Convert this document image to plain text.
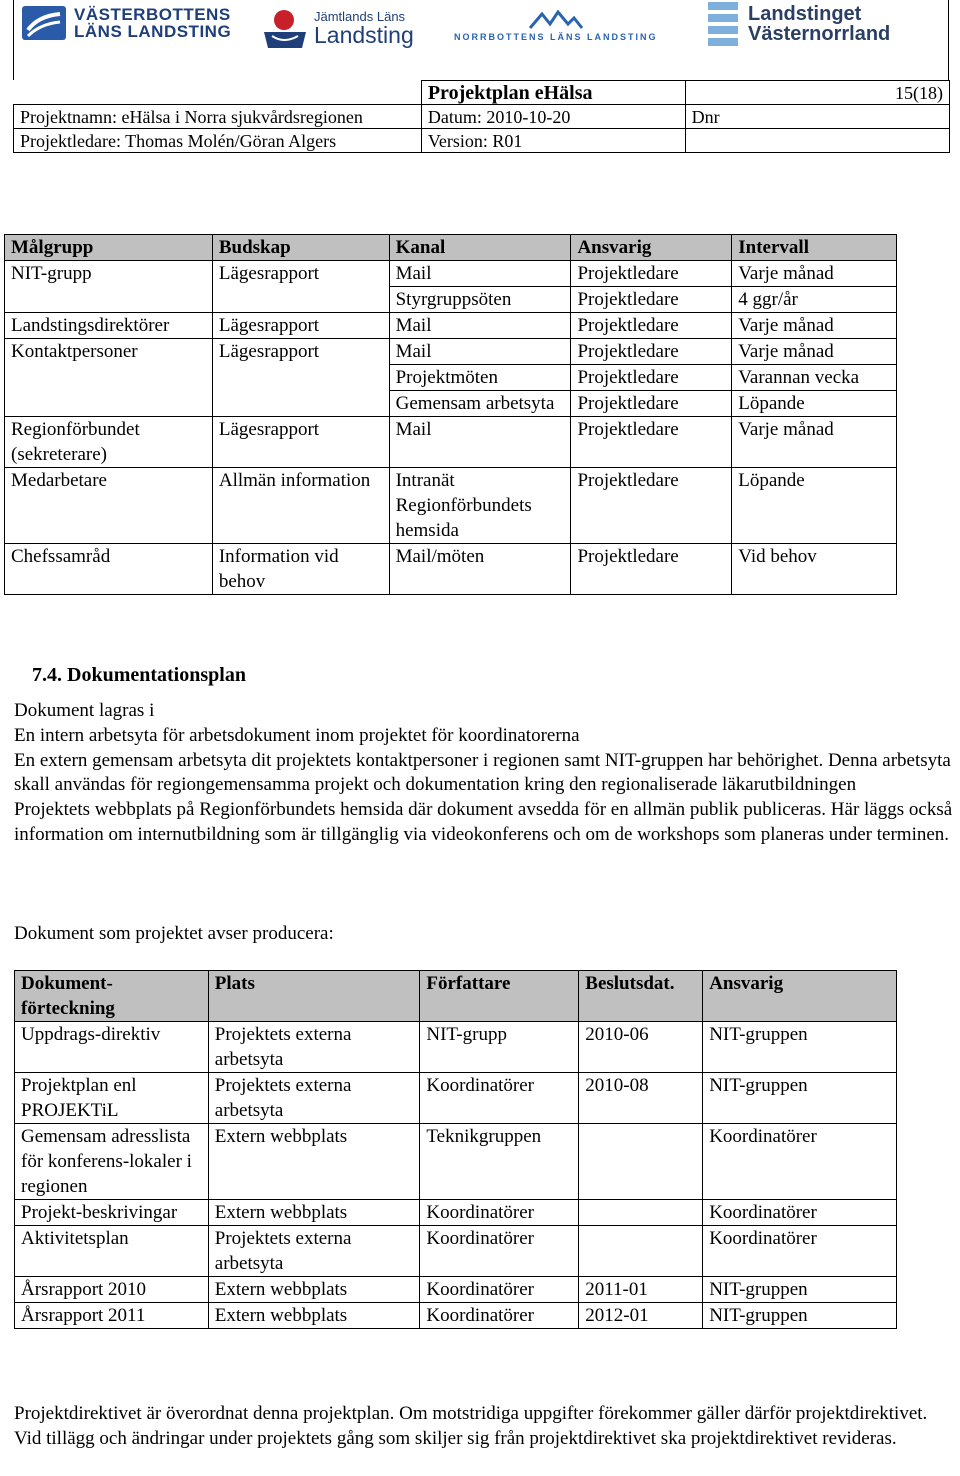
VÄSTERBOTTENS
LÄNS LANDSTING
Jämtlands Läns
Landsting	NORRBOTTENS LÄNS LANDSTING
Landstinget
Västernorrland
	Projektplan eHälsa	15(18)
Projektnamn: eHälsa i Norra sjukvårdsregionen	Datum: 2010-10-20	Dnr
Projektledare: Thomas Molén/Göran Algers	Version: R01	
Målgrupp	Budskap	Kanal	Ansvarig	Intervall
NIT-grupp	Lägesrapport	Mail	Projektledare	Varje månad
		Styrgruppsöten	Projektledare	4 ggr/år
Landstingsdirektörer	Lägesrapport	Mail	Projektledare	Varje månad
Kontaktpersoner	Lägesrapport	Mail	Projektledare	Varje månad
		Projektmöten	Projektledare	Varannan vecka
		Gemensam arbetsyta	Projektledare	Löpande
Regionförbundet (sekreterare)	Lägesrapport	Mail	Projektledare	Varje månad
Medarbetare	Allmän information	Intranät Regionförbundets hemsida	Projektledare	Löpande
Chefssamråd	Information vid behov	Mail/möten	Projektledare	Vid behov
7.4. Dokumentationsplan
Dokument lagras i
En intern arbetsyta för arbetsdokument inom projektet för koordinatorerna
En extern gemensam arbetsyta dit projektets kontaktpersoner i regionen samt NIT-gruppen har behörighet. Denna arbetsyta skall användas för regiongemensamma projekt och dokumentation kring den regionaliserade läkarutbildningen
Projektets webbplats på Regionförbundets hemsida där dokument avsedda för en allmän publik publiceras. Här läggs också information om internutbildning som är tillgänglig via videokonferens och om de workshops som planeras under terminen.
Dokument som projektet avser producera:
Dokument-förteckning	Plats	Författare	Beslutsdat.	Ansvarig
Uppdrags-direktiv	Projektets externa arbetsyta	NIT-grupp	2010-06	NIT-gruppen
Projektplan enl PROJEKTiL	Projektets externa arbetsyta	Koordinatörer	2010-08	NIT-gruppen
Gemensam adresslista för konferens-lokaler i regionen	Extern webbplats	Teknikgruppen		Koordinatörer
Projekt-beskrivingar	Extern webbplats	Koordinatörer		Koordinatörer
Aktivitetsplan	Projektets externa arbetsyta	Koordinatörer		Koordinatörer
Årsrapport 2010	Extern webbplats	Koordinatörer	2011-01	NIT-gruppen
Årsrapport 2011	Extern webbplats	Koordinatörer	2012-01	NIT-gruppen
Projektdirektivet är överordnat denna projektplan. Om motstridiga uppgifter förekommer gäller därför projektdirektivet. Vid tillägg och ändringar under projektets gång som skiljer sig från projektdirektivet ska projektdirektivet revideras.
